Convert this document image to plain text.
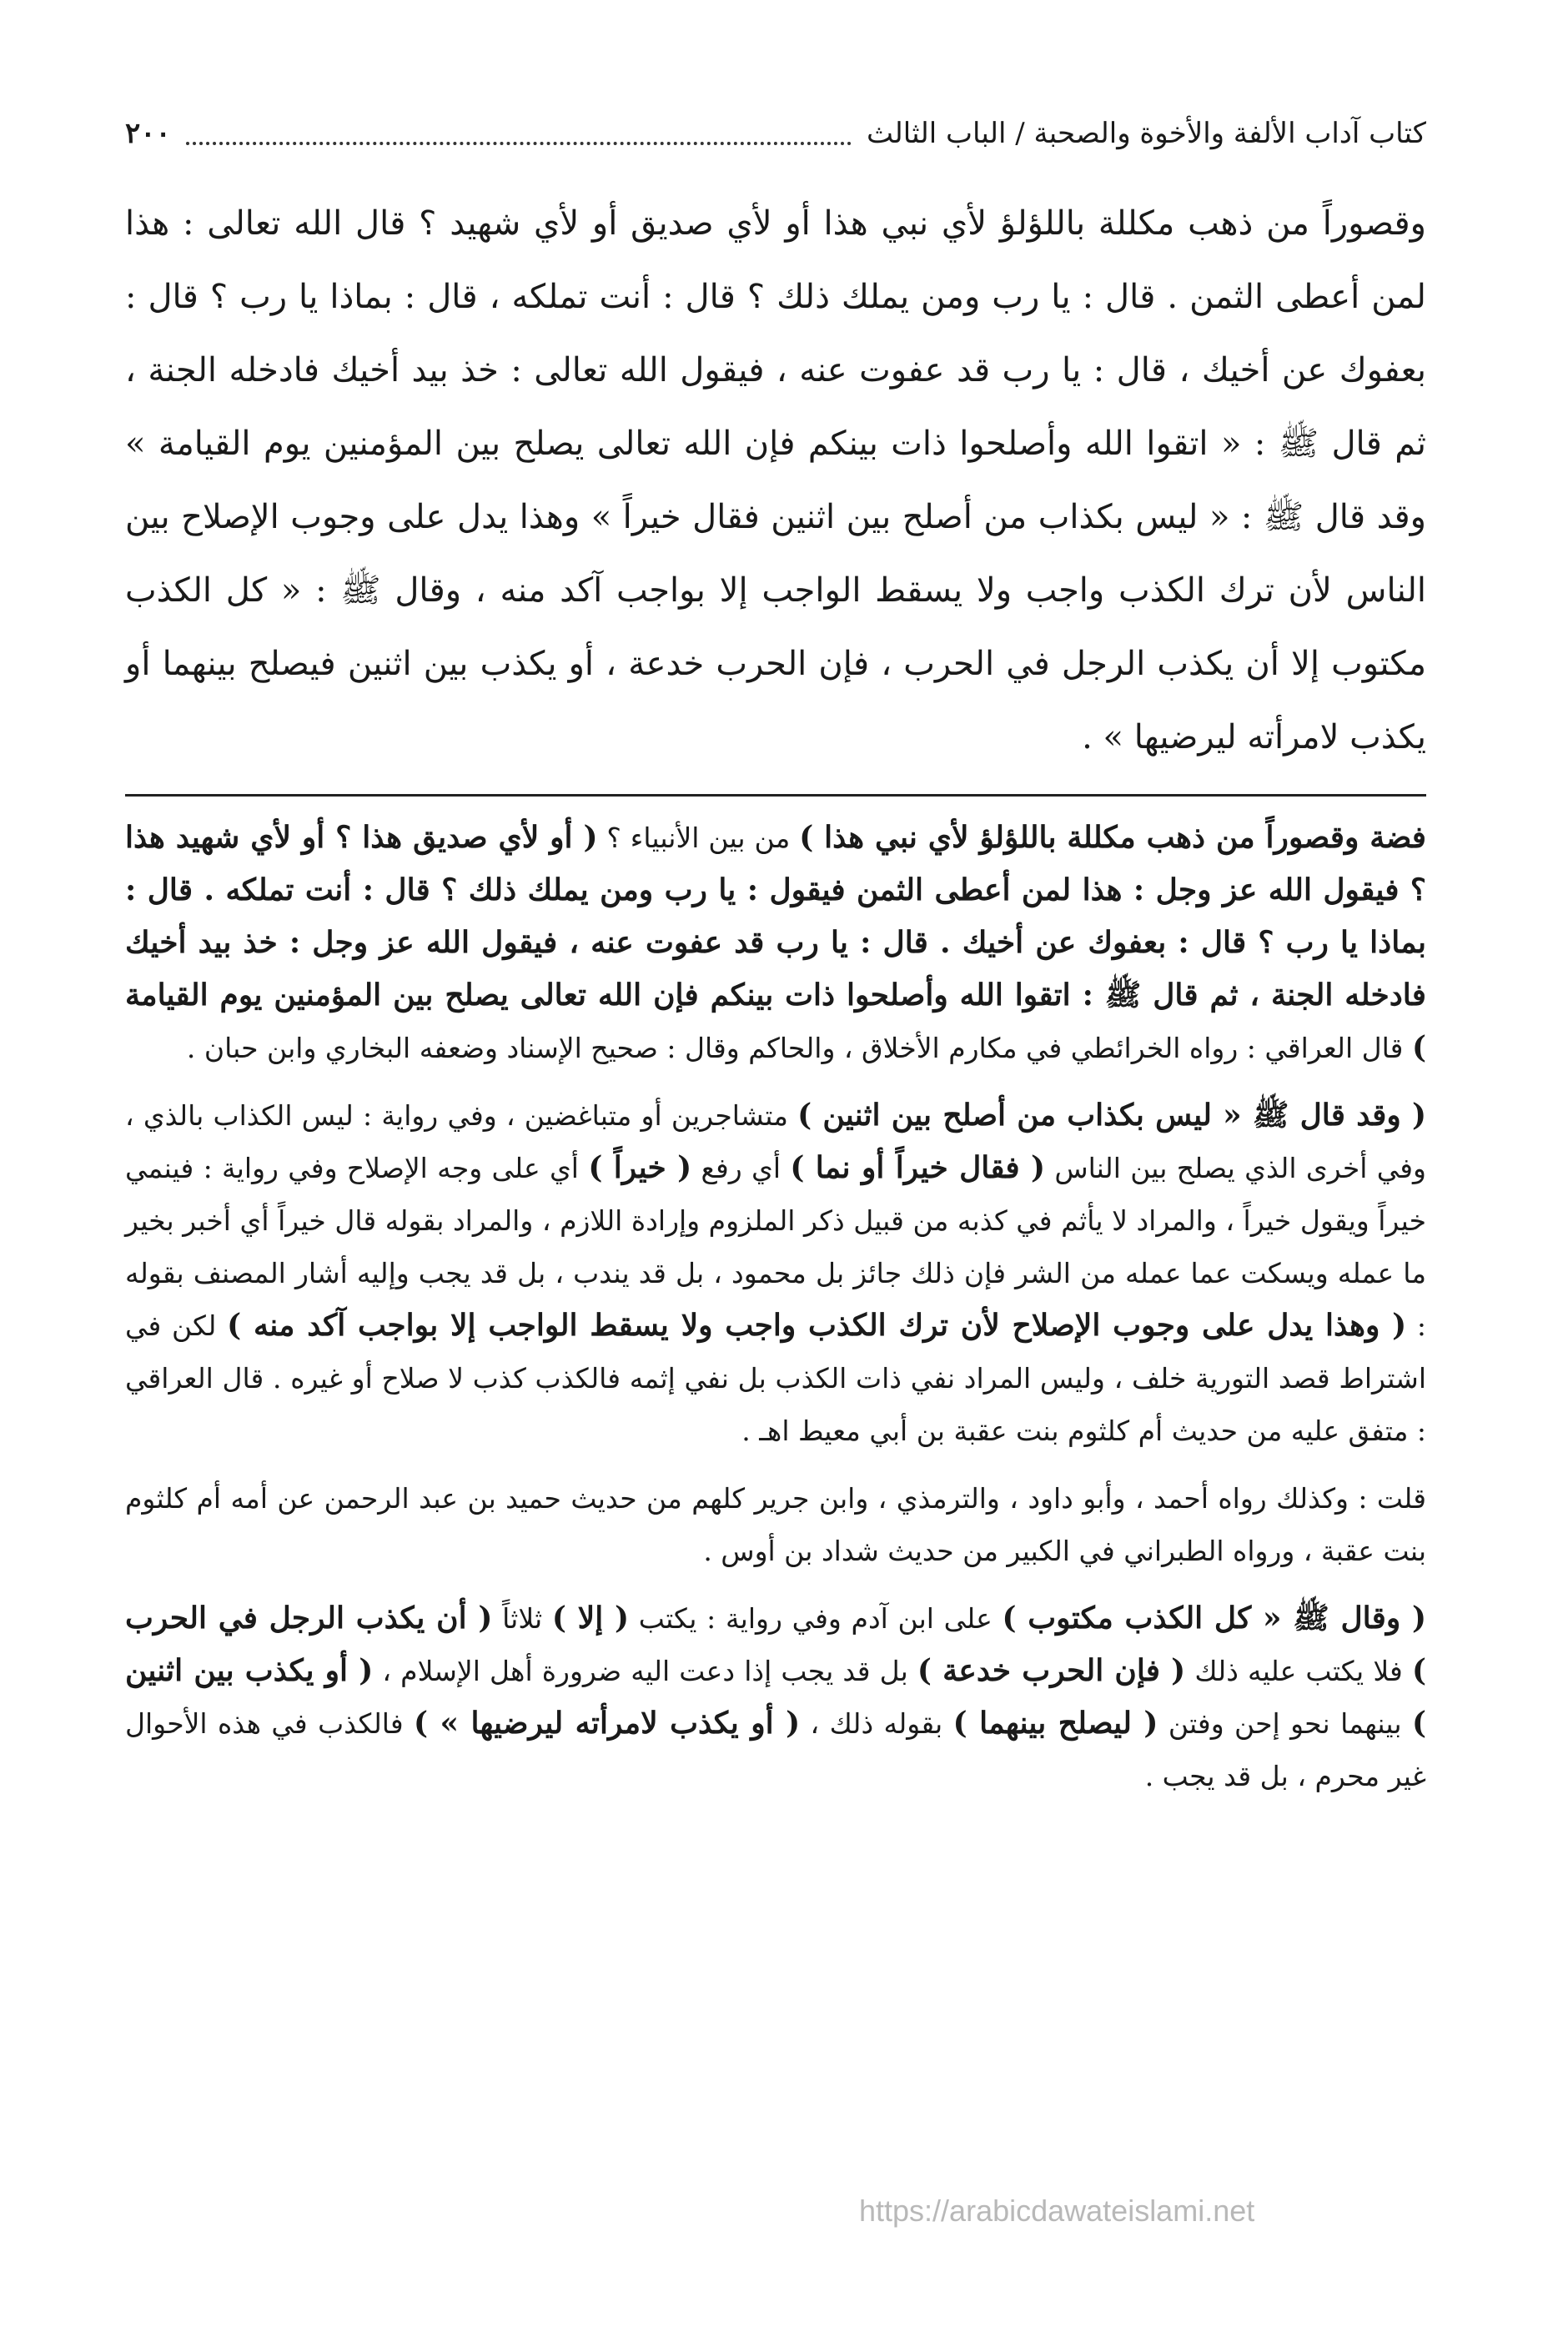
كتاب آداب الألفة والأخوة والصحبة / الباب الثالث
٢٠٠

وقصوراً من ذهب مكللة باللؤلؤ لأي نبي هذا أو لأي صديق أو لأي شهيد ؟ قال الله تعالى : هذا لمن أعطى الثمن . قال : يا رب ومن يملك ذلك ؟ قال : أنت تملكه ، قال : بماذا يا رب ؟ قال : بعفوك عن أخيك ، قال : يا رب قد عفوت عنه ، فيقول الله تعالى : خذ بيد أخيك فادخله الجنة ، ثم قال ﷺ : « اتقوا الله وأصلحوا ذات بينكم فإن الله تعالى يصلح بين المؤمنين يوم القيامة » وقد قال ﷺ : « ليس بكذاب من أصلح بين اثنين فقال خيراً » وهذا يدل على وجوب الإصلاح بين الناس لأن ترك الكذب واجب ولا يسقط الواجب إلا بواجب آكد منه ، وقال ﷺ : « كل الكذب مكتوب إلا أن يكذب الرجل في الحرب ، فإن الحرب خدعة ، أو يكذب بين اثنين فيصلح بينهما أو يكذب لامرأته ليرضيها » .

فضة وقصوراً من ذهب مكللة باللؤلؤ لأي نبي هذا ) من بين الأنبياء ؟ ( أو لأي صديق هذا ؟ أو لأي شهيد هذا ؟ فيقول الله عز وجل : هذا لمن أعطى الثمن فيقول : يا رب ومن يملك ذلك ؟ قال : أنت تملكه . قال : بماذا يا رب ؟ قال : بعفوك عن أخيك . قال : يا رب قد عفوت عنه ، فيقول الله عز وجل : خذ بيد أخيك فادخله الجنة ، ثم قال ﷺ : اتقوا الله وأصلحوا ذات بينكم فإن الله تعالى يصلح بين المؤمنين يوم القيامة ) قال العراقي : رواه الخرائطي في مكارم الأخلاق ، والحاكم وقال : صحيح الإسناد وضعفه البخاري وابن حبان .

( وقد قال ﷺ « ليس بكذاب من أصلح بين اثنين ) متشاجرين أو متباغضين ، وفي رواية : ليس الكذاب بالذي ، وفي أخرى الذي يصلح بين الناس ( فقال خيراً أو نما ) أي رفع ( خيراً ) أي على وجه الإصلاح وفي رواية : فينمي خيراً ويقول خيراً ، والمراد لا يأثم في كذبه من قبيل ذكر الملزوم وإرادة اللازم ، والمراد بقوله قال خيراً أي أخبر بخير ما عمله ويسكت عما عمله من الشر فإن ذلك جائز بل محمود ، بل قد يندب ، بل قد يجب وإليه أشار المصنف بقوله : ( وهذا يدل على وجوب الإصلاح لأن ترك الكذب واجب ولا يسقط الواجب إلا بواجب آكد منه ) لكن في اشتراط قصد التورية خلف ، وليس المراد نفي ذات الكذب بل نفي إثمه فالكذب كذب لا صلاح أو غيره . قال العراقي : متفق عليه من حديث أم كلثوم بنت عقبة بن أبي معيط اهـ .

قلت : وكذلك رواه أحمد ، وأبو داود ، والترمذي ، وابن جرير كلهم من حديث حميد بن عبد الرحمن عن أمه أم كلثوم بنت عقبة ، ورواه الطبراني في الكبير من حديث شداد بن أوس .

( وقال ﷺ « كل الكذب مكتوب ) على ابن آدم وفي رواية : يكتب ( إلا ) ثلاثاً ( أن يكذب الرجل في الحرب ) فلا يكتب عليه ذلك ( فإن الحرب خدعة ) بل قد يجب إذا دعت اليه ضرورة أهل الإسلام ، ( أو يكذب بين اثنين ) بينهما نحو إحن وفتن ( ليصلح بينهما ) بقوله ذلك ، ( أو يكذب لامرأته ليرضيها » ) فالكذب في هذه الأحوال غير محرم ، بل قد يجب .

https://arabicdawateislami.net
